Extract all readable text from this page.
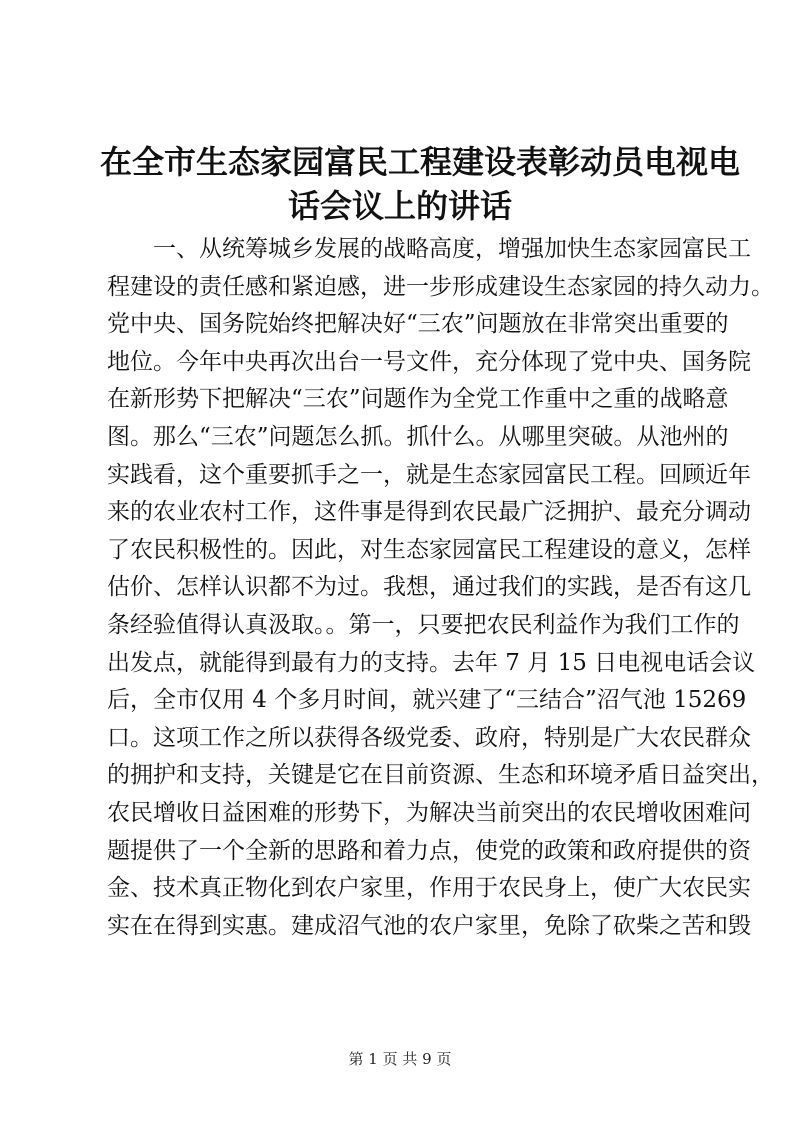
在全市生态家园富民工程建设表彰动员电视电
话会议上的讲话
一、从统筹城乡发展的战略高度，增强加快生态家园富民工
程建设的责任感和紧迫感，进一步形成建设生态家园的持久动力。
党中央、国务院始终把解决好“三农”问题放在非常突出重要的
地位。今年中央再次出台一号文件，充分体现了党中央、国务院
在新形势下把解决“三农”问题作为全党工作重中之重的战略意
图。那么“三农”问题怎么抓。抓什么。从哪里突破。从池州的
实践看，这个重要抓手之一，就是生态家园富民工程。回顾近年
来的农业农村工作，这件事是得到农民最广泛拥护、最充分调动
了农民积极性的。因此，对生态家园富民工程建设的意义，怎样
估价、怎样认识都不为过。我想，通过我们的实践，是否有这几
条经验值得认真汲取。。第一，只要把农民利益作为我们工作的
出发点，就能得到最有力的支持。去年 7 月 15 日电视电话会议
后，全市仅用 4 个多月时间，就兴建了“三结合”沼气池 15269
口。这项工作之所以获得各级党委、政府，特别是广大农民群众
的拥护和支持，关键是它在目前资源、生态和环境矛盾日益突出，
农民增收日益困难的形势下，为解决当前突出的农民增收困难问
题提供了一个全新的思路和着力点，使党的政策和政府提供的资
金、技术真正物化到农户家里，作用于农民身上，使广大农民实
实在在得到实惠。建成沼气池的农户家里，免除了砍柴之苦和毁
第 1 页 共 9 页
